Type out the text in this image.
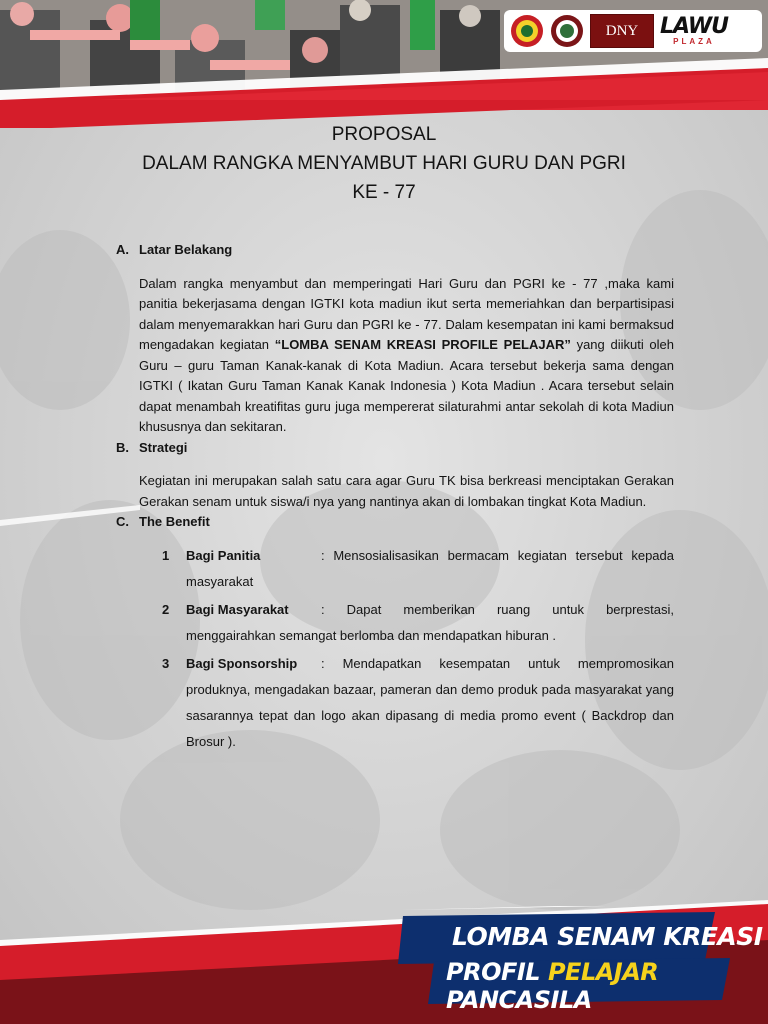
DNY LAWU
PLAZA
PROPOSAL
DALAM RANGKA MENYAMBUT HARI GURU DAN PGRI
KE - 77
A. Latar Belakang
Dalam rangka menyambut dan memperingati Hari Guru dan PGRI ke - 77 ,maka kami panitia bekerjasama dengan IGTKI kota madiun ikut serta memeriahkan dan berpartisipasi dalam menyemarakkan hari Guru dan PGRI ke - 77. Dalam kesempatan ini kami bermaksud mengadakan kegiatan “LOMBA SENAM KREASI PROFILE PELAJAR” yang diikuti oleh Guru – guru Taman Kanak-kanak di Kota Madiun. Acara tersebut bekerja sama dengan IGTKI ( Ikatan Guru Taman Kanak Kanak Indonesia ) Kota Madiun . Acara tersebut selain dapat menambah kreatifitas guru juga mempererat silaturahmi antar sekolah di kota Madiun khususnya dan sekitaran.
B. Strategi
Kegiatan ini merupakan salah satu cara agar Guru TK bisa berkreasi menciptakan Gerakan Gerakan senam untuk siswa/i nya yang nantinya akan di lombakan tingkat Kota Madiun.
C. The Benefit
1	Bagi Panitia	: Mensosialisasikan bermacam kegiatan tersebut kepada masyarakat
2	Bagi Masyarakat : Dapat memberikan ruang untuk berprestasi, menggairahkan semangat berlomba dan mendapatkan hiburan .
3	Bagi Sponsorship : Mendapatkan kesempatan untuk mempromosikan produknya, mengadakan bazaar, pameran dan demo produk pada masyarakat yang sasarannya tepat dan logo akan dipasang di media promo event ( Backdrop dan Brosur ).
LOMBA SENAM KREASI
PROFIL PELAJAR PANCASILA
